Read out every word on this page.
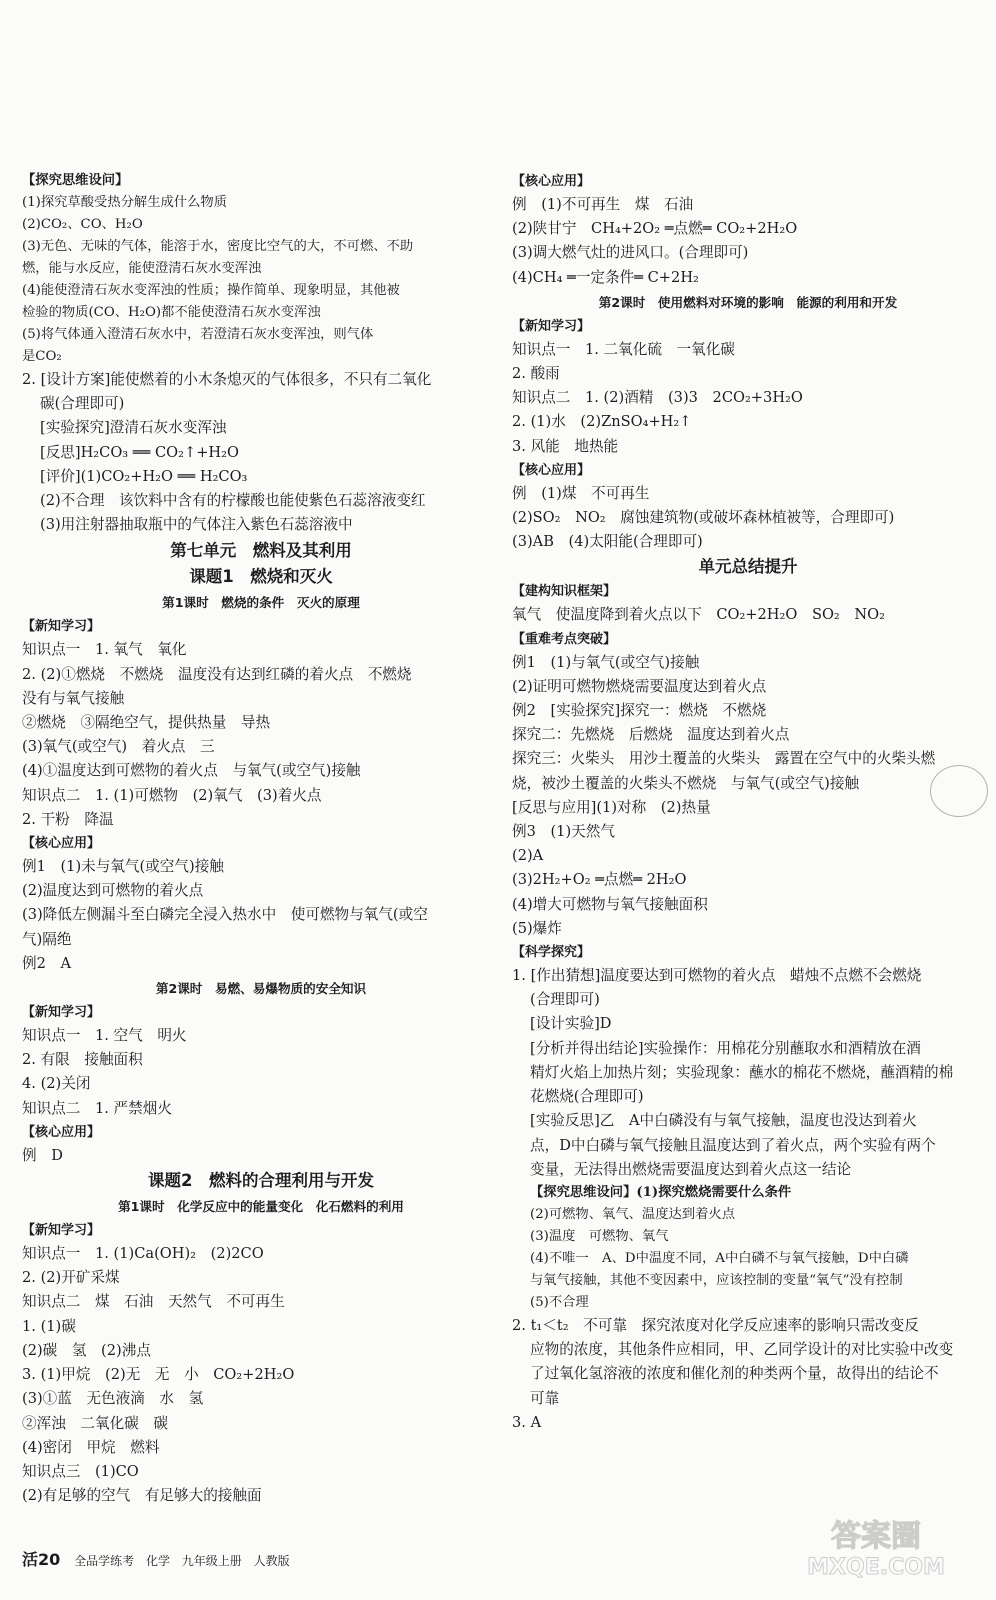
【探究思维设问】
(1)探究草酸受热分解生成什么物质
(2)CO₂、CO、H₂O
(3)无色、无味的气体，能溶于水，密度比空气的大，不可燃、不助
燃，能与水反应，能使澄清石灰水变浑浊
(4)能使澄清石灰水变浑浊的性质；操作简单、现象明显，其他被
检验的物质(CO、H₂O)都不能使澄清石灰水变浑浊
(5)将气体通入澄清石灰水中，若澄清石灰水变浑浊，则气体
是CO₂
2. [设计方案]能使燃着的小木条熄灭的气体很多，不只有二氧化
碳(合理即可)
[实验探究]澄清石灰水变浑浊
[反思]H₂CO₃ ══ CO₂↑+H₂O
[评价](1)CO₂+H₂O ══ H₂CO₃
(2)不合理　该饮料中含有的柠檬酸也能使紫色石蕊溶液变红
(3)用注射器抽取瓶中的气体注入紫色石蕊溶液中
第七单元　燃料及其利用
课题1　燃烧和灭火
第1课时　燃烧的条件　灭火的原理
【新知学习】
知识点一　1. 氧气　氧化
2. (2)①燃烧　不燃烧　温度没有达到红磷的着火点　不燃烧
没有与氧气接触
②燃烧　③隔绝空气，提供热量　导热
(3)氧气(或空气)　着火点　三
(4)①温度达到可燃物的着火点　与氧气(或空气)接触
知识点二　1. (1)可燃物　(2)氧气　(3)着火点
2. 干粉　降温
【核心应用】
例1　(1)未与氧气(或空气)接触
(2)温度达到可燃物的着火点
(3)降低左侧漏斗至白磷完全浸入热水中　使可燃物与氧气(或空
气)隔绝
例2　A
第2课时　易燃、易爆物质的安全知识
【新知学习】
知识点一　1. 空气　明火
2. 有限　接触面积
4. (2)关闭
知识点二　1. 严禁烟火
【核心应用】
例　D
课题2　燃料的合理利用与开发
第1课时　化学反应中的能量变化　化石燃料的利用
【新知学习】
知识点一　1. (1)Ca(OH)₂　(2)2CO
2. (2)开矿采煤
知识点二　煤　石油　天然气　不可再生
1. (1)碳
(2)碳　氢　(2)沸点
3. (1)甲烷　(2)无　无　小　CO₂+2H₂O
(3)①蓝　无色液滴　水　氢
②浑浊　二氧化碳　碳
(4)密闭　甲烷　燃料
知识点三　(1)CO
(2)有足够的空气　有足够大的接触面
【核心应用】
例　(1)不可再生　煤　石油
(2)陕甘宁　CH₄+2O₂ ═点燃═ CO₂+2H₂O
(3)调大燃气灶的进风口。(合理即可)
(4)CH₄ ═一定条件═ C+2H₂
第2课时　使用燃料对环境的影响　能源的利用和开发
【新知学习】
知识点一　1. 二氧化硫　一氧化碳
2. 酸雨
知识点二　1. (2)酒精　(3)3　2CO₂+3H₂O
2. (1)水　(2)ZnSO₄+H₂↑
3. 风能　地热能
【核心应用】
例　(1)煤　不可再生
(2)SO₂　NO₂　腐蚀建筑物(或破坏森林植被等，合理即可)
(3)AB　(4)太阳能(合理即可)
单元总结提升
【建构知识框架】
氧气　使温度降到着火点以下　CO₂+2H₂O　SO₂　NO₂
【重难考点突破】
例1　(1)与氧气(或空气)接触
(2)证明可燃物燃烧需要温度达到着火点
例2　[实验探究]探究一：燃烧　不燃烧
探究二：先燃烧　后燃烧　温度达到着火点
探究三：火柴头　用沙土覆盖的火柴头　露置在空气中的火柴头燃
烧，被沙土覆盖的火柴头不燃烧　与氧气(或空气)接触
[反思与应用](1)对称　(2)热量
例3　(1)天然气
(2)A
(3)2H₂+O₂ ═点燃═ 2H₂O
(4)增大可燃物与氧气接触面积
(5)爆炸
【科学探究】
1. [作出猜想]温度要达到可燃物的着火点　蜡烛不点燃不会燃烧
(合理即可)
[设计实验]D
[分析并得出结论]实验操作：用棉花分别蘸取水和酒精放在酒
精灯火焰上加热片刻；实验现象：蘸水的棉花不燃烧，蘸酒精的棉
花燃烧(合理即可)
[实验反思]乙　A中白磷没有与氧气接触，温度也没达到着火
点，D中白磷与氧气接触且温度达到了着火点，两个实验有两个
变量，无法得出燃烧需要温度达到着火点这一结论
【探究思维设问】(1)探究燃烧需要什么条件
(2)可燃物、氧气、温度达到着火点
(3)温度　可燃物、氧气
(4)不唯一　A、D中温度不同，A中白磷不与氧气接触，D中白磷
与氧气接触，其他不变因素中，应该控制的变量“氧气”没有控制
(5)不合理
2. t₁＜t₂　不可靠　探究浓度对化学反应速率的影响只需改变反
应物的浓度，其他条件应相同，甲、乙同学设计的对比实验中改变
了过氧化氢溶液的浓度和催化剂的种类两个量，故得出的结论不
可靠
3. A
活20 全品学练考 化学 九年级上册 人教版
答案圈
MXQE.COM
